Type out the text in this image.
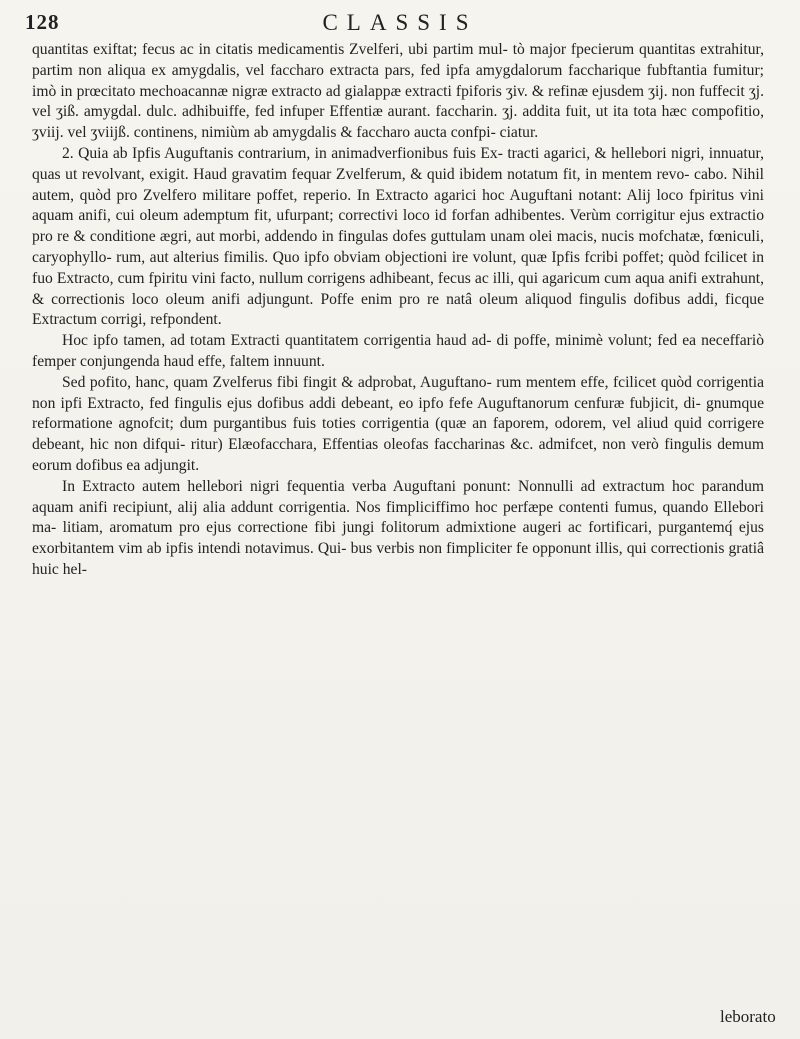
128	CLASSIS

quantitas exiftat; fecus ac in citatis medicamentis Zvelferi, ubi partim mul- tò major fpecierum quantitas extrahitur, partim non aliqua ex amygdalis, vel faccharo extracta pars, fed ipfa amygdalorum faccharique fubftantia fumitur; imò in prœcitato mechoacannæ nigræ extracto ad gialappæ extracti fpiforis ʒiv. & refinæ ejusdem ʒij. non fuffecit ʒj. vel ʒiß. amygdal. dulc. adhibuiffe, fed infuper Effentiæ aurant. faccharin. ʒj. addita fuit, ut ita tota hæc compofitio, ʒviij. vel ʒviijß. continens, nimiùm ab amygdalis & faccharo aucta confpi- ciatur.

2. Quia ab Ipfis Auguftanis contrarium, in animadverfionibus fuis Ex- tracti agarici, & hellebori nigri, innuatur, quas ut revolvant, exigit. Haud gravatim fequar Zvelferum, & quid ibidem notatum fit, in mentem revo- cabo. Nihil autem, quòd pro Zvelfero militare poffet, reperio. In Extracto agarici hoc Auguftani notant: Alij loco fpiritus vini aquam anifi, cui oleum ademptum fit, ufurpant; correctivi loco id forfan adhibentes. Verùm corrigitur ejus extractio pro re & conditione ægri, aut morbi, addendo in fingulas dofes guttulam unam olei macis, nucis mofchatæ, fœniculi, caryophyllo- rum, aut alterius fimilis. Quo ipfo obviam objectioni ire volunt, quæ Ipfis fcribi poffet; quòd fcilicet in fuo Extracto, cum fpiritu vini facto, nullum corrigens adhibeant, fecus ac illi, qui agaricum cum aqua anifi extrahunt, & correctionis loco oleum anifi adjungunt. Poffe enim pro re natâ oleum aliquod fingulis dofibus addi, ficque Extractum corrigi, refpondent.

Hoc ipfo tamen, ad totam Extracti quantitatem corrigentia haud ad- di poffe, minimè volunt; fed ea neceffariò femper conjungenda haud effe, faltem innuunt.

Sed pofito, hanc, quam Zvelferus fibi fingit & adprobat, Auguftano- rum mentem effe, fcilicet quòd corrigentia non ipfi Extracto, fed fingulis ejus dofibus addi debeant, eo ipfo fefe Auguftanorum cenfuræ fubjicit, di- gnumque reformatione agnofcit; dum purgantibus fuis toties corrigentia (quæ an faporem, odorem, vel aliud quid corrigere debeant, hic non difqui- ritur) Elæofacchara, Effentias oleofas faccharinas &c. admifcet, non verò fingulis demum eorum dofibus ea adjungit.

In Extracto autem hellebori nigri fequentia verba Auguftani ponunt: Nonnulli ad extractum hoc parandum aquam anifi recipiunt, alij alia addunt corrigentia. Nos fimpliciffimo hoc perfæpe contenti fumus, quando Ellebori ma- litiam, aromatum pro ejus correctione fibi jungi folitorum admixtione augeri ac fortificari, purgantemq́ ejus exorbitantem vim ab ipfis intendi notavimus. Qui- bus verbis non fimpliciter fe opponunt illis, qui correctionis gratiâ huic hel-

leborato
